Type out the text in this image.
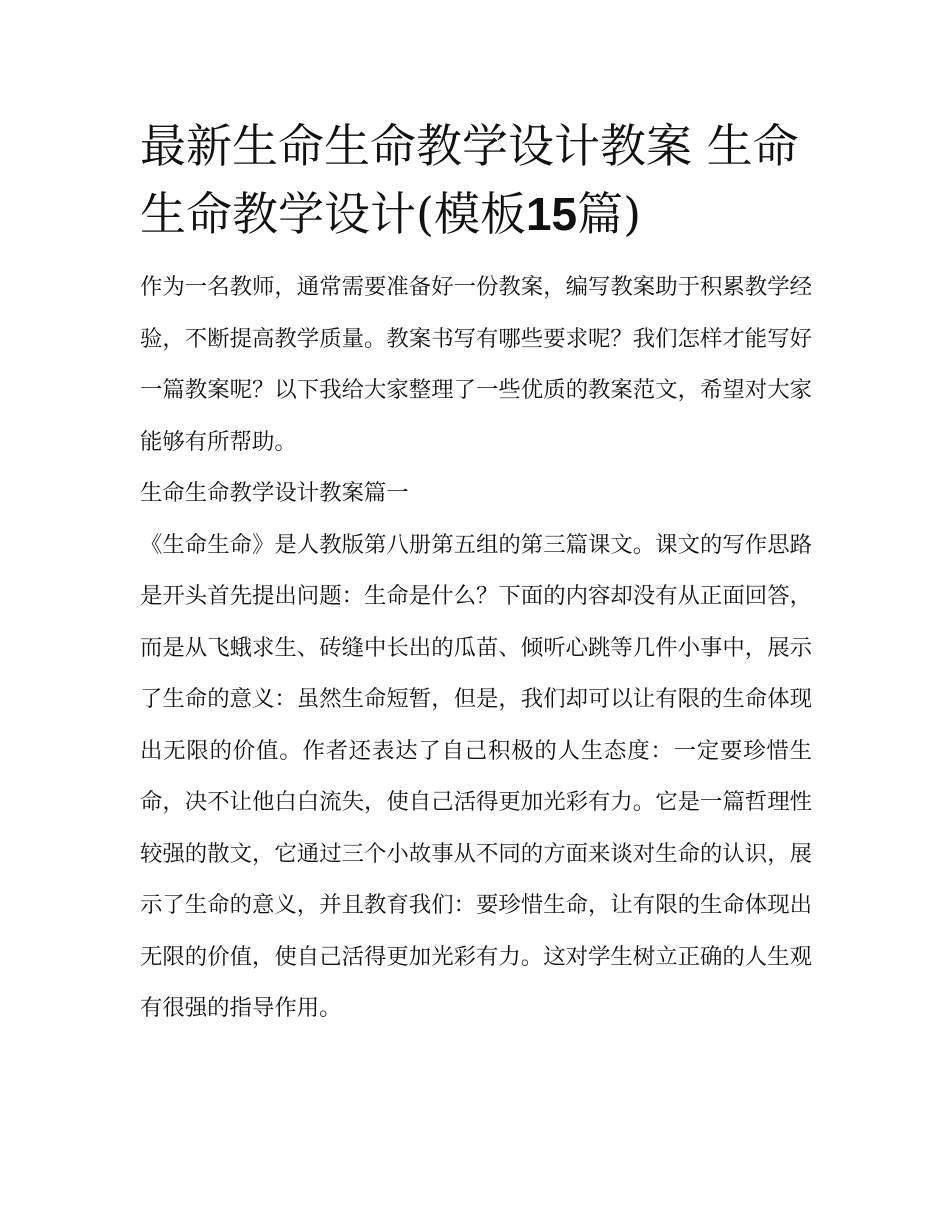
最新生命生命教学设计教案 生命生命教学设计(模板15篇)

作为一名教师，通常需要准备好一份教案，编写教案助于积累教学经验，不断提高教学质量。教案书写有哪些要求呢？我们怎样才能写好一篇教案呢？以下我给大家整理了一些优质的教案范文，希望对大家能够有所帮助。

生命生命教学设计教案篇一

《生命生命》是人教版第八册第五组的第三篇课文。课文的写作思路是开头首先提出问题：生命是什么？下面的内容却没有从正面回答，而是从飞蛾求生、砖缝中长出的瓜苗、倾听心跳等几件小事中，展示了生命的意义：虽然生命短暂，但是，我们却可以让有限的生命体现出无限的价值。作者还表达了自己积极的人生态度：一定要珍惜生命，决不让他白白流失，使自己活得更加光彩有力。它是一篇哲理性较强的散文，它通过三个小故事从不同的方面来谈对生命的认识，展示了生命的意义，并且教育我们：要珍惜生命，让有限的生命体现出无限的价值，使自己活得更加光彩有力。这对学生树立正确的人生观有很强的指导作用。
